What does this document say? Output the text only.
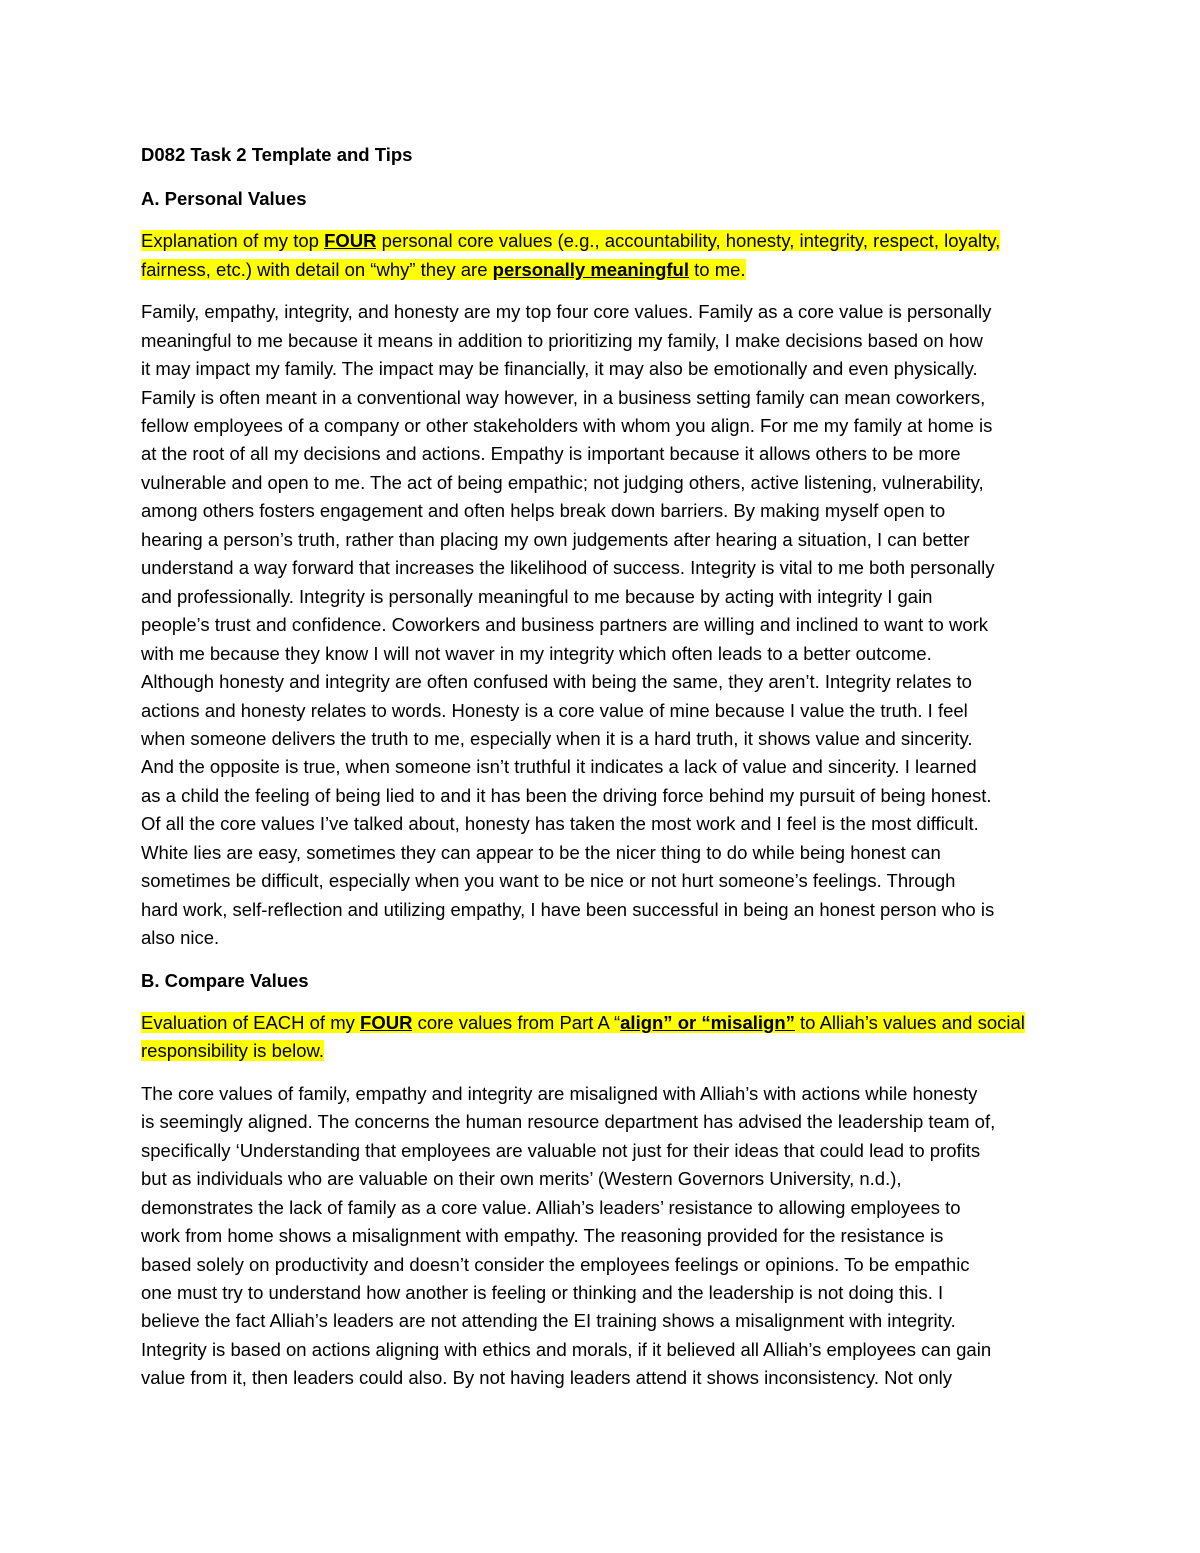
D082 Task 2 Template and Tips

A. Personal Values

Explanation of my top FOUR personal core values (e.g., accountability, honesty, integrity, respect, loyalty,
fairness, etc.) with detail on “why” they are personally meaningful to me.

Family, empathy, integrity, and honesty are my top four core values. Family as a core value is personally
meaningful to me because it means in addition to prioritizing my family, I make decisions based on how
it may impact my family. The impact may be financially, it may also be emotionally and even physically.
Family is often meant in a conventional way however, in a business setting family can mean coworkers,
fellow employees of a company or other stakeholders with whom you align. For me my family at home is
at the root of all my decisions and actions. Empathy is important because it allows others to be more
vulnerable and open to me. The act of being empathic; not judging others, active listening, vulnerability,
among others fosters engagement and often helps break down barriers. By making myself open to
hearing a person’s truth, rather than placing my own judgements after hearing a situation, I can better
understand a way forward that increases the likelihood of success. Integrity is vital to me both personally
and professionally. Integrity is personally meaningful to me because by acting with integrity I gain
people’s trust and confidence. Coworkers and business partners are willing and inclined to want to work
with me because they know I will not waver in my integrity which often leads to a better outcome.
Although honesty and integrity are often confused with being the same, they aren’t. Integrity relates to
actions and honesty relates to words. Honesty is a core value of mine because I value the truth. I feel
when someone delivers the truth to me, especially when it is a hard truth, it shows value and sincerity.
And the opposite is true, when someone isn’t truthful it indicates a lack of value and sincerity. I learned
as a child the feeling of being lied to and it has been the driving force behind my pursuit of being honest.
Of all the core values I’ve talked about, honesty has taken the most work and I feel is the most difficult.
White lies are easy, sometimes they can appear to be the nicer thing to do while being honest can
sometimes be difficult, especially when you want to be nice or not hurt someone’s feelings. Through
hard work, self-reflection and utilizing empathy, I have been successful in being an honest person who is
also nice.

B. Compare Values

Evaluation of EACH of my FOUR core values from Part A “align” or “misalign” to Alliah’s values and social
responsibility is below.

The core values of family, empathy and integrity are misaligned with Alliah’s with actions while honesty
is seemingly aligned. The concerns the human resource department has advised the leadership team of,
specifically ‘Understanding that employees are valuable not just for their ideas that could lead to profits
but as individuals who are valuable on their own merits’ (Western Governors University, n.d.),
demonstrates the lack of family as a core value. Alliah’s leaders’ resistance to allowing employees to
work from home shows a misalignment with empathy. The reasoning provided for the resistance is
based solely on productivity and doesn’t consider the employees feelings or opinions. To be empathic
one must try to understand how another is feeling or thinking and the leadership is not doing this. I
believe the fact Alliah’s leaders are not attending the EI training shows a misalignment with integrity.
Integrity is based on actions aligning with ethics and morals, if it believed all Alliah’s employees can gain
value from it, then leaders could also. By not having leaders attend it shows inconsistency. Not only
